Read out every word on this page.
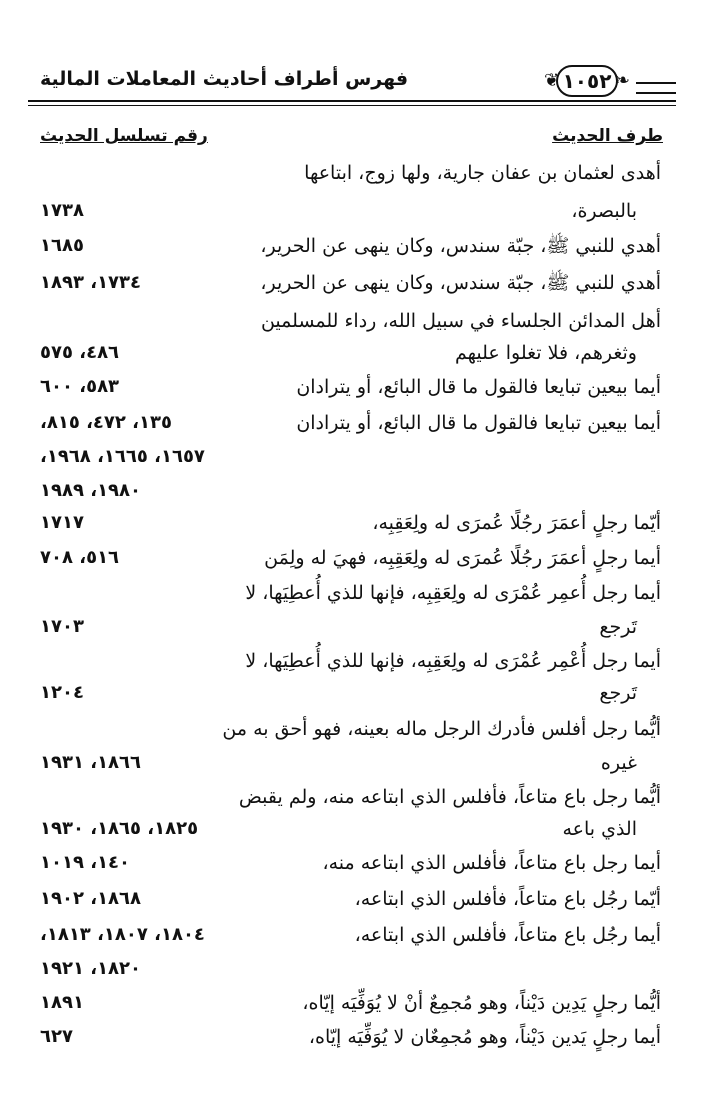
فهرس أطراف أحاديث المعاملات المالية	❦ ١٠٥٢ ❧
طرف الحديث
رقم تسلسل الحديث
أهدى لعثمان بن عفان جارية، ولها زوج، ابتاعها
بالبصرة،
١٧٣٨
أهدي للنبي ﷺ، جبّة سندس، وكان ينهى عن الحرير،
١٦٨٥
أهدي للنبي ﷺ، جبّة سندس، وكان ينهى عن الحرير،
١٧٣٤، ١٨٩٣
أهل المدائن الجلساء في سبيل الله، رداء للمسلمين
وثغرهم، فلا تغلوا عليهم
٤٨٦، ٥٧٥
أيما بيعين تبايعا فالقول ما قال البائع، أو يترادان
٥٨٣، ٦٠٠
أيما بيعين تبايعا فالقول ما قال البائع، أو يترادان
١٣٥، ٤٧٢، ٨١٥،
١٦٥٧، ١٦٦٥، ١٩٦٨،
١٩٨٠، ١٩٨٩
أيّما رجلٍ أعمَرَ رجُلًا عُمرَى له ولِعَقِبِه،
١٧١٧
أيما رجلٍ أعمَرَ رجُلًا عُمرَى له ولِعَقِبِه، فهيَ له ولِمَن
٥١٦، ٧٠٨
أيما رجل أُعمِر عُمْرَى له ولِعَقِبِه، فإنها للذي أُعطِيَها، لا
تَرجع
١٧٠٣
أيما رجل أُعْمِر عُمْرَى له ولِعَقِبِه، فإنها للذي أُعطِيَها، لا
تَرجع
١٢٠٤
أيُّما رجل أفلس فأدرك الرجل ماله بعينه، فهو أحق به من
غيره
١٨٦٦، ١٩٣١
أيُّما رجل باع متاعاً، فأفلس الذي ابتاعه منه، ولم يقبض
الذي باعه
١٨٢٥، ١٨٦٥، ١٩٣٠
أيما رجل باع متاعاً، فأفلس الذي ابتاعه منه،
١٤٠، ١٠١٩
أيّما رجُل باع متاعاً، فأفلس الذي ابتاعه،
١٨٦٨، ١٩٠٢
أيما رجُل باع متاعاً، فأفلس الذي ابتاعه،
١٨٠٤، ١٨٠٧، ١٨١٣،
١٨٢٠، ١٩٢١
أيُّما رجلٍ يَدِين دَيْناً، وهو مُجمِعٌ أنْ لا يُوَفِّيَه إيّاه،
١٨٩١
أيما رجلٍ يَدين دَيْناً، وهو مُجمِعٌان لا يُوَفِّيَه إيّاه،
٦٢٧
